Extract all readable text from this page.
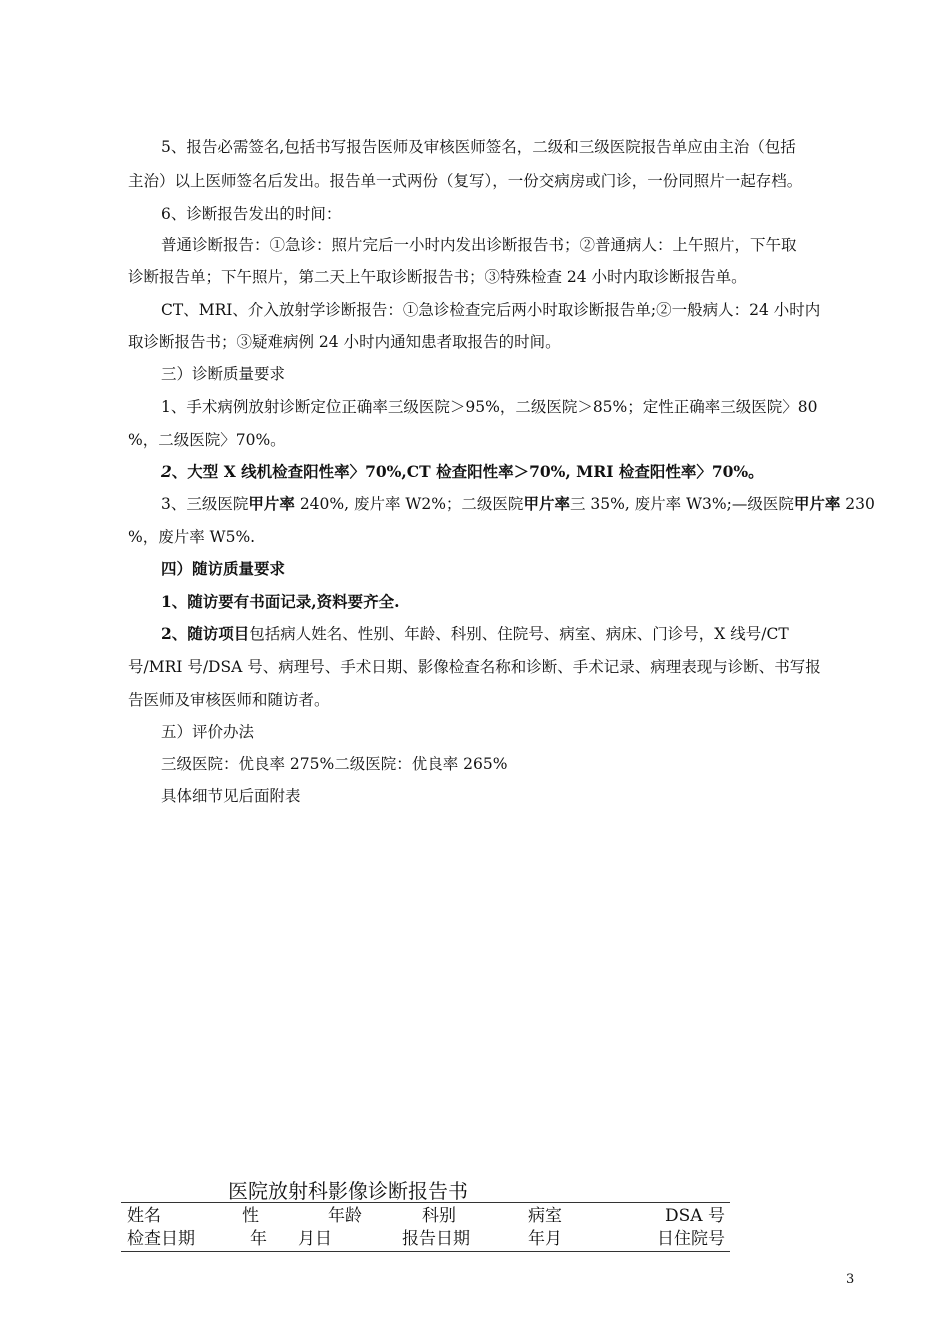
5、报告必需签名,包括书写报告医师及审核医师签名，二级和三级医院报告单应由主治（包括
主治）以上医师签名后发出。报告单一式两份（复写），一份交病房或门诊，一份同照片一起存档。
6、诊断报告发出的时间：
普通诊断报告：①急诊：照片完后一小时内发出诊断报告书；②普通病人：上午照片，下午取
诊断报告单；下午照片，第二天上午取诊断报告书；③特殊检查 24 小时内取诊断报告单。
CT、MRI、介入放射学诊断报告：①急诊检查完后两小时取诊断报告单;②一般病人：24 小时内
取诊断报告书；③疑难病例 24 小时内通知患者取报告的时间。
三）诊断质量要求
1、手术病例放射诊断定位正确率三级医院＞95%，二级医院＞85%；定性正确率三级医院〉80
%，二级医院〉70%。
2、大型 X 线机检查阳性率〉70%,CT 检查阳性率＞70%, MRI 检查阳性率〉70%。
3、三级医院甲片率 240%, 废片率 W2%；二级医院甲片率三 35%, 废片率 W3%;—级医院甲片率 230
%，废片率 W5%.
四）随访质量要求
1、随访要有书面记录,资料要齐全.
2、随访项目包括病人姓名、性别、年龄、科别、住院号、病室、病床、门诊号，X 线号/CT
号/MRI 号/DSA 号、病理号、手术日期、影像检查名称和诊断、手术记录、病理表现与诊断、书写报
告医师及审核医师和随访者。
五）评价办法
三级医院：优良率 275%二级医院：优良率 265%
具体细节见后面附表
医院放射科影像诊断报告书
姓名	性	年龄	科别	病室	DSA 号
检查日期	年 月日	报告日期	年月	日住院号
3
